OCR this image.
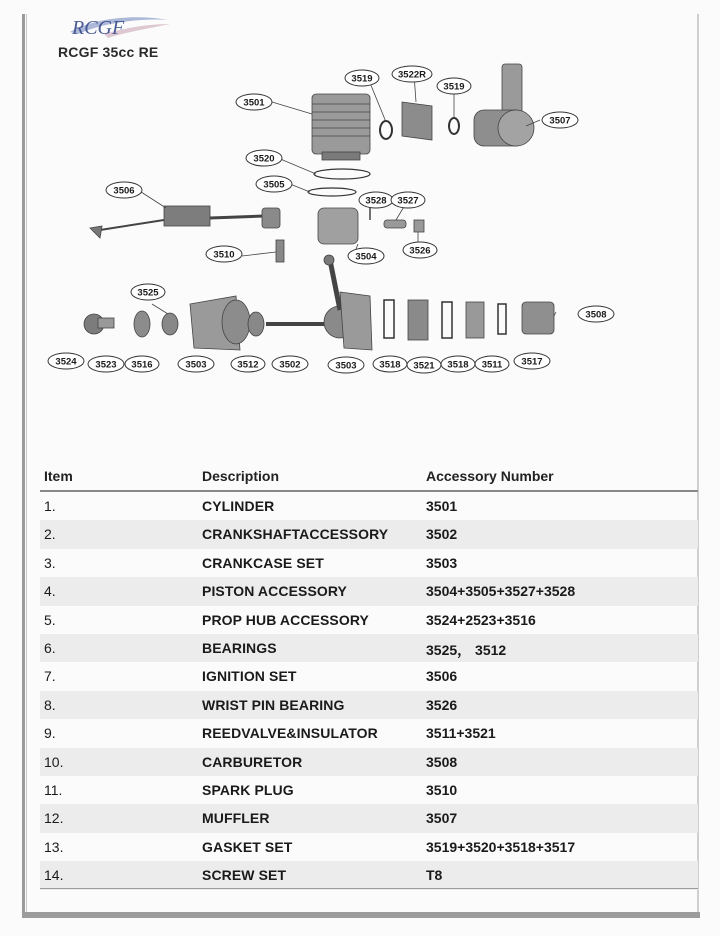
RCGF
RCGF 35cc RE
3501
3519	3522R
3519
3507
3520
3505
3506
3528 3527
3504
3510	3526
3525
3508
3524 3523 3516	3503	3512 3502	3503 3518 3521 3518 3511 3517
Item	Description	Accessory Number
1.	CYLINDER	3501
2.	CRANKSHAFTACCESSORY	3502
3.	CRANKCASE SET	3503
4.	PISTON ACCESSORY	3504+3505+3527+3528
5.	PROP HUB ACCESSORY	3524+2523+3516
6.	BEARINGS	3525， 3512
7.	IGNITION SET	3506
8.	WRIST PIN BEARING	3526
9.	REEDVALVE&INSULATOR	3511+3521
10.	CARBURETOR	3508
11.	SPARK PLUG	3510
12.	MUFFLER	3507
13.	GASKET SET	3519+3520+3518+3517
14.	SCREW SET	T8
